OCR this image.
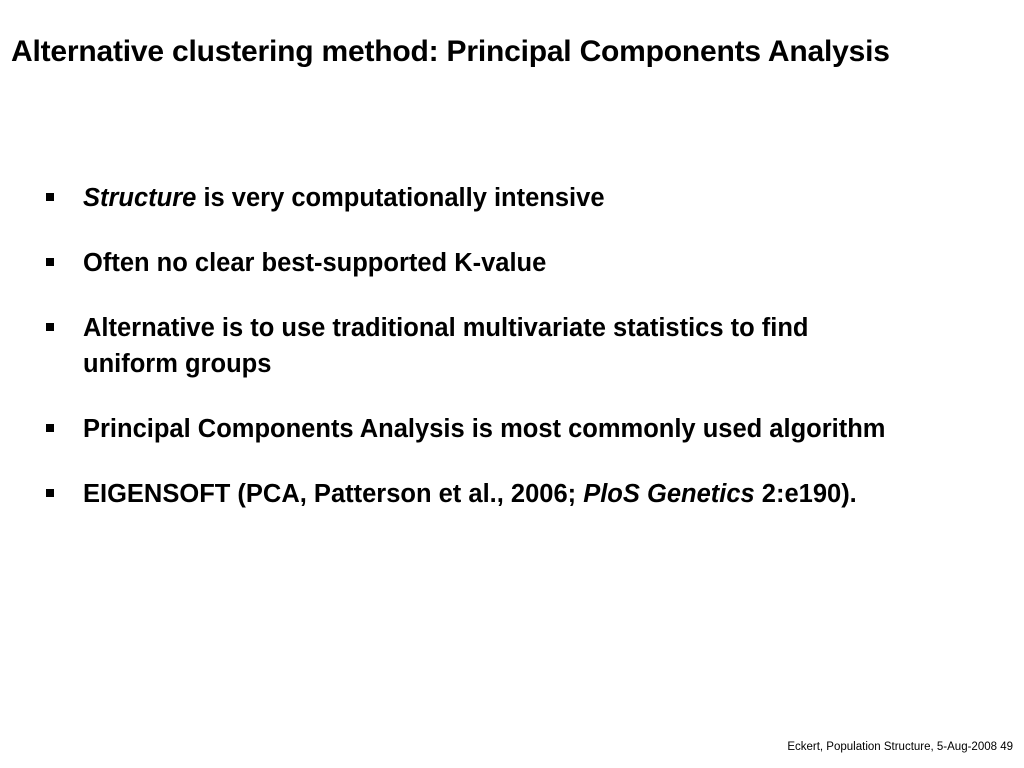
Alternative clustering method: Principal Components Analysis
Structure is very computationally intensive
Often no clear best-supported K-value
Alternative is to use traditional multivariate statistics to find uniform groups
Principal Components Analysis is most commonly used algorithm
EIGENSOFT (PCA, Patterson et al., 2006; PloS Genetics 2:e190).
Eckert, Population Structure, 5-Aug-2008 49
